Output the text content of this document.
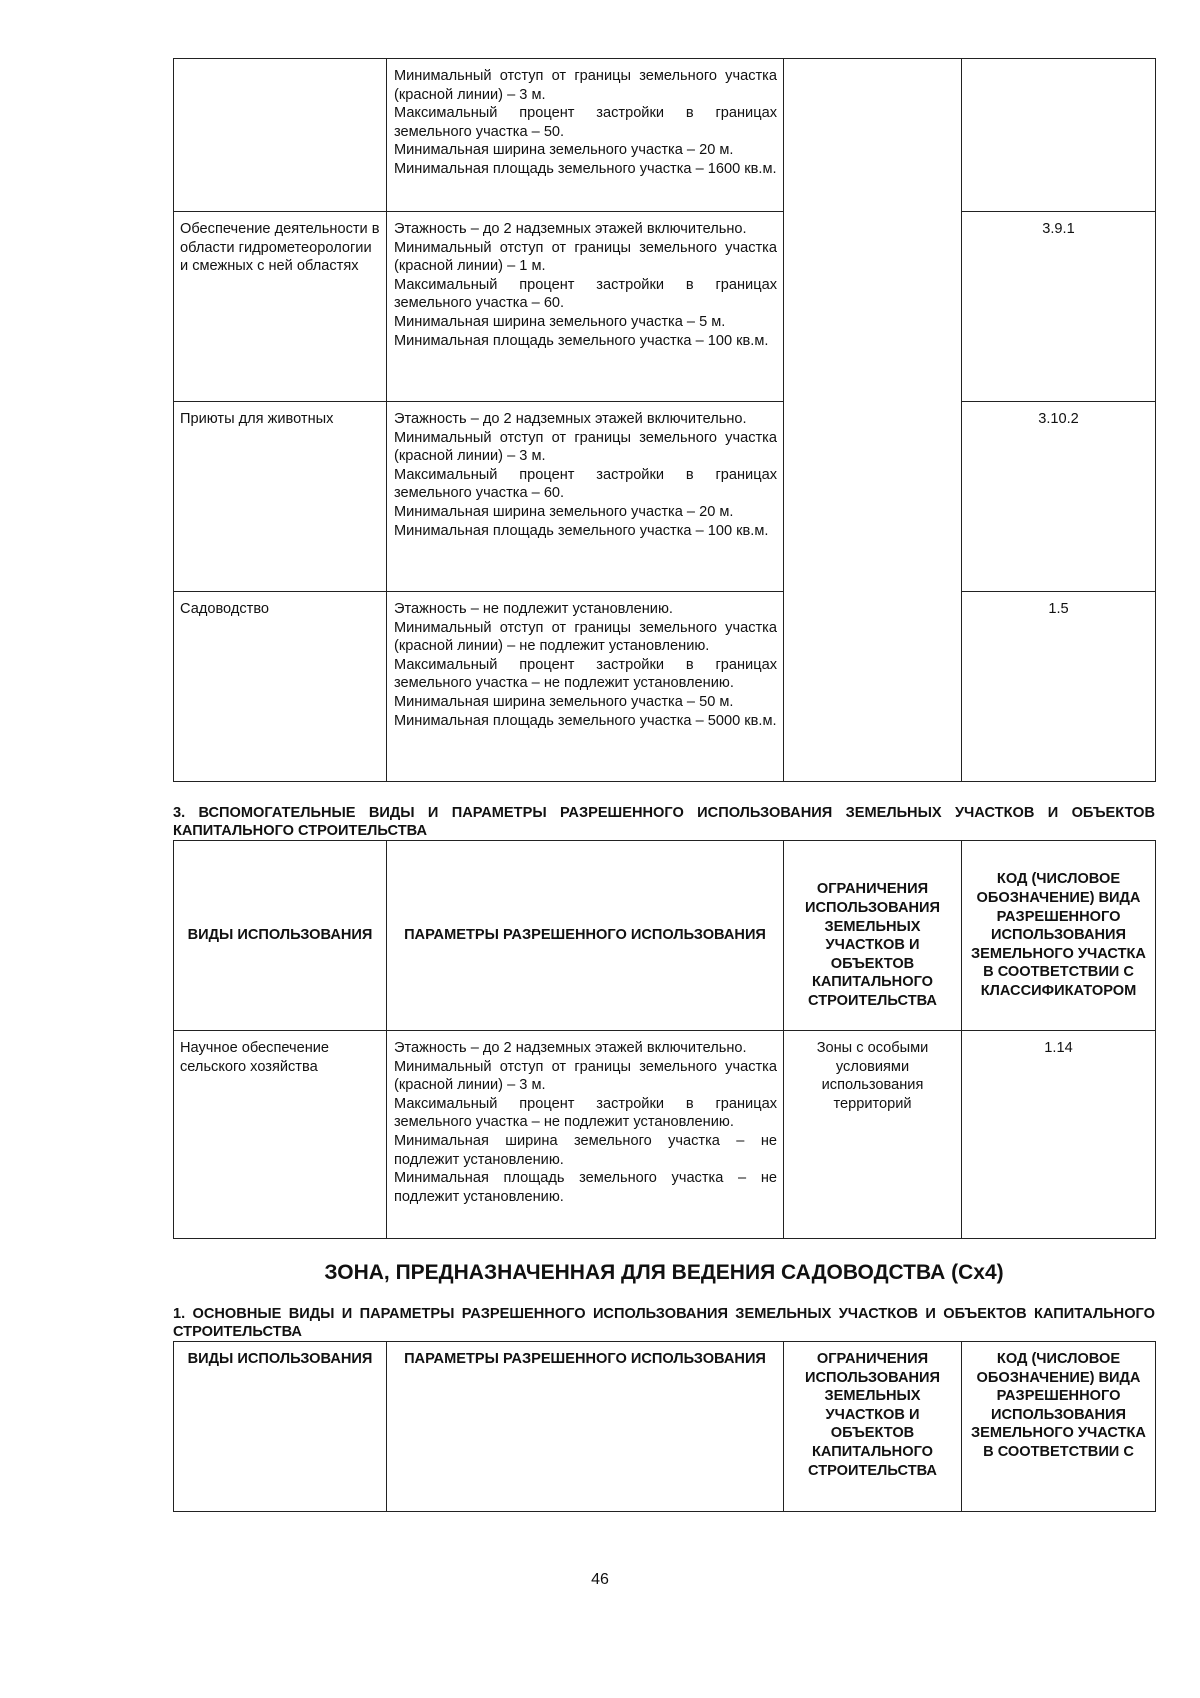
	Минимальный отступ от границы земельного участка (красной линии) – 3 м.
Максимальный процент застройки в границах земельного участка – 50.
Минимальная ширина земельного участка – 20 м.
Минимальная площадь земельного участка – 1600 кв.м.		

Обеспечение деятельности в области гидрометеорологии и смежных с ней областях	Этажность – до 2 надземных этажей включительно.
Минимальный отступ от границы земельного участка (красной линии) – 1 м.
Максимальный процент застройки в границах земельного участка – 60.
Минимальная ширина земельного участка – 5 м.
Минимальная площадь земельного участка – 100 кв.м.		3.9.1
Приюты для животных	Этажность – до 2 надземных этажей включительно.
Минимальный отступ от границы земельного участка (красной линии) – 3 м.
Максимальный процент застройки в границах земельного участка – 60.
Минимальная ширина земельного участка – 20 м.
Минимальная площадь земельного участка – 100 кв.м.		3.10.2
Садоводство	Этажность – не подлежит установлению.
Минимальный отступ от границы земельного участка (красной линии) – не подлежит установлению.
Максимальный процент застройки в границах земельного участка – не подлежит установлению.
Минимальная ширина земельного участка – 50 м.
Минимальная площадь земельного участка – 5000 кв.м.		1.5
3. ВСПОМОГАТЕЛЬНЫЕ ВИДЫ И ПАРАМЕТРЫ РАЗРЕШЕННОГО ИСПОЛЬЗОВАНИЯ ЗЕМЕЛЬНЫХ УЧАСТКОВ И ОБЪЕКТОВ КАПИТАЛЬНОГО СТРОИТЕЛЬСТВА
ВИДЫ ИСПОЛЬЗОВАНИЯ	ПАРАМЕТРЫ РАЗРЕШЕННОГО ИСПОЛЬЗОВАНИЯ	ОГРАНИЧЕНИЯ ИСПОЛЬЗОВАНИЯ ЗЕМЕЛЬНЫХ УЧАСТКОВ И ОБЪЕКТОВ КАПИТАЛЬНОГО СТРОИТЕЛЬСТВА	КОД (ЧИСЛОВОЕ ОБОЗНАЧЕНИЕ) ВИДА РАЗРЕШЕННОГО ИСПОЛЬЗОВАНИЯ ЗЕМЕЛЬНОГО УЧАСТКА В СООТВЕТСТВИИ С КЛАССИФИКАТОРОМ
Научное обеспечение сельского хозяйства	Этажность – до 2 надземных этажей включительно.
Минимальный отступ от границы земельного участка (красной линии) – 3 м.
Максимальный процент застройки в границах земельного участка – не подлежит установлению.
Минимальная ширина земельного участка – не подлежит установлению.
Минимальная площадь земельного участка – не подлежит установлению.	Зоны с особыми условиями использования территорий	1.14
ЗОНА, ПРЕДНАЗНАЧЕННАЯ ДЛЯ ВЕДЕНИЯ САДОВОДСТВА (Сх4)
1. ОСНОВНЫЕ ВИДЫ И ПАРАМЕТРЫ РАЗРЕШЕННОГО ИСПОЛЬЗОВАНИЯ ЗЕМЕЛЬНЫХ УЧАСТКОВ И ОБЪЕКТОВ КАПИТАЛЬНОГО СТРОИТЕЛЬСТВА
ВИДЫ ИСПОЛЬЗОВАНИЯ	ПАРАМЕТРЫ РАЗРЕШЕННОГО ИСПОЛЬЗОВАНИЯ	ОГРАНИЧЕНИЯ ИСПОЛЬЗОВАНИЯ ЗЕМЕЛЬНЫХ УЧАСТКОВ И ОБЪЕКТОВ КАПИТАЛЬНОГО СТРОИТЕЛЬСТВА	КОД (ЧИСЛОВОЕ ОБОЗНАЧЕНИЕ) ВИДА РАЗРЕШЕННОГО ИСПОЛЬЗОВАНИЯ ЗЕМЕЛЬНОГО УЧАСТКА В СООТВЕТСТВИИ С
46
